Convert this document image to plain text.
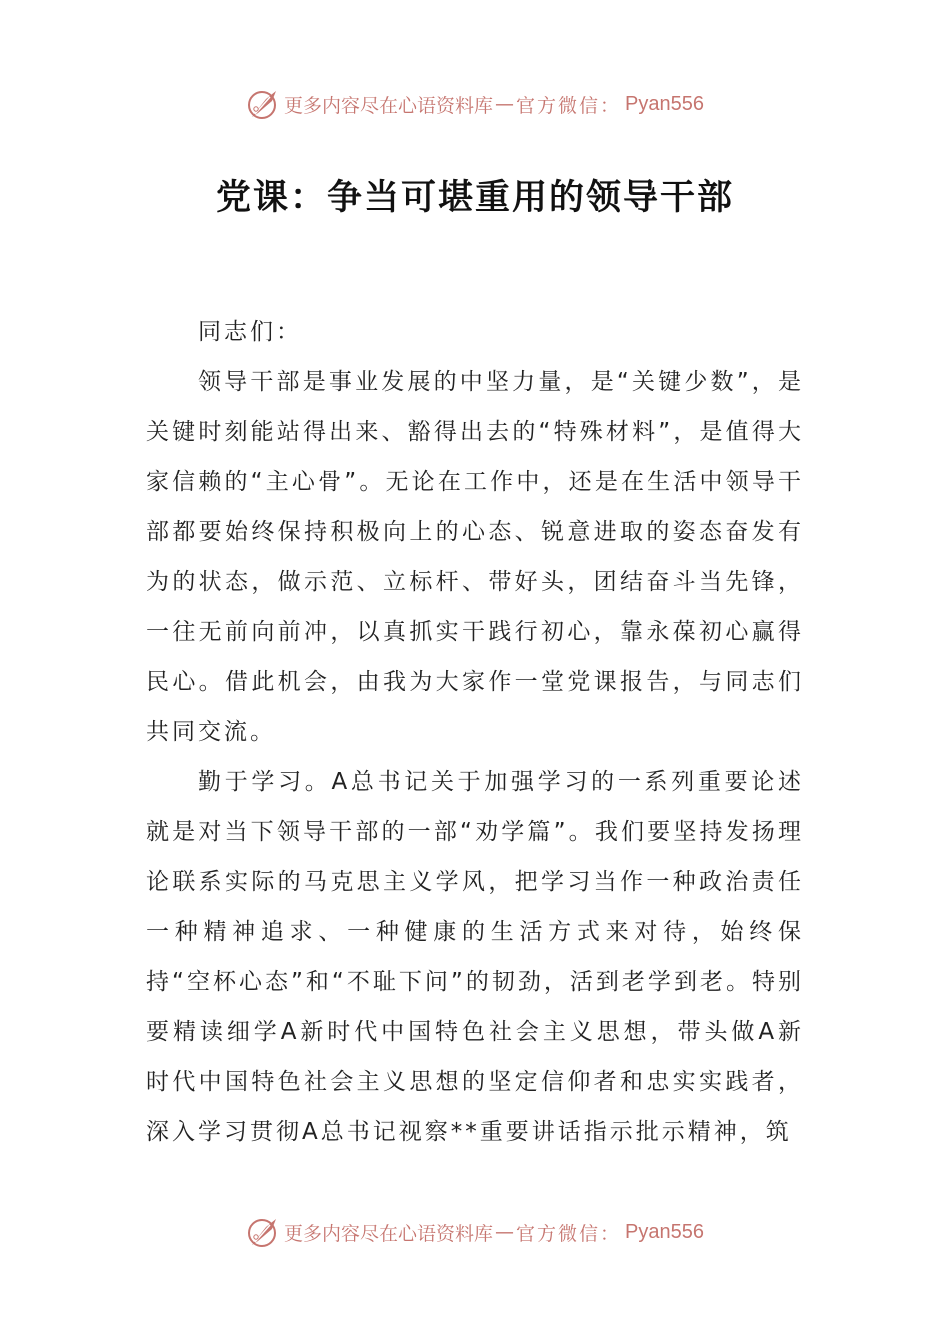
更多内容尽在心语资料库 — 官方微信： Pyan556
党课：争当可堪重用的领导干部

同志们：

领导干部是事业发展的中坚力量，是“关键少数”，是关键时刻能站得出来、豁得出去的“特殊材料”，是值得大家信赖的“主心骨”。无论在工作中，还是在生活中领导干部都要始终保持积极向上的心态、锐意进取的姿态奋发有为的状态，做示范、立标杆、带好头，团结奋斗当先锋，一往无前向前冲，以真抓实干践行初心，靠永葆初心赢得民心。借此机会，由我为大家作一堂党课报告，与同志们共同交流。

勤于学习。A总书记关于加强学习的一系列重要论述就是对当下领导干部的一部“劝学篇”。我们要坚持发扬理论联系实际的马克思主义学风，把学习当作一种政治责任一种精神追求、一种健康的生活方式来对待，始终保持“空杯心态”和“不耻下问”的韧劲，活到老学到老。特别要精读细学A新时代中国特色社会主义思想，带头做A新时代中国特色社会主义思想的坚定信仰者和忠实实践者，深入学习贯彻A总书记视察**重要讲话指示批示精神，筑

更多内容尽在心语资料库 — 官方微信： Pyan556
